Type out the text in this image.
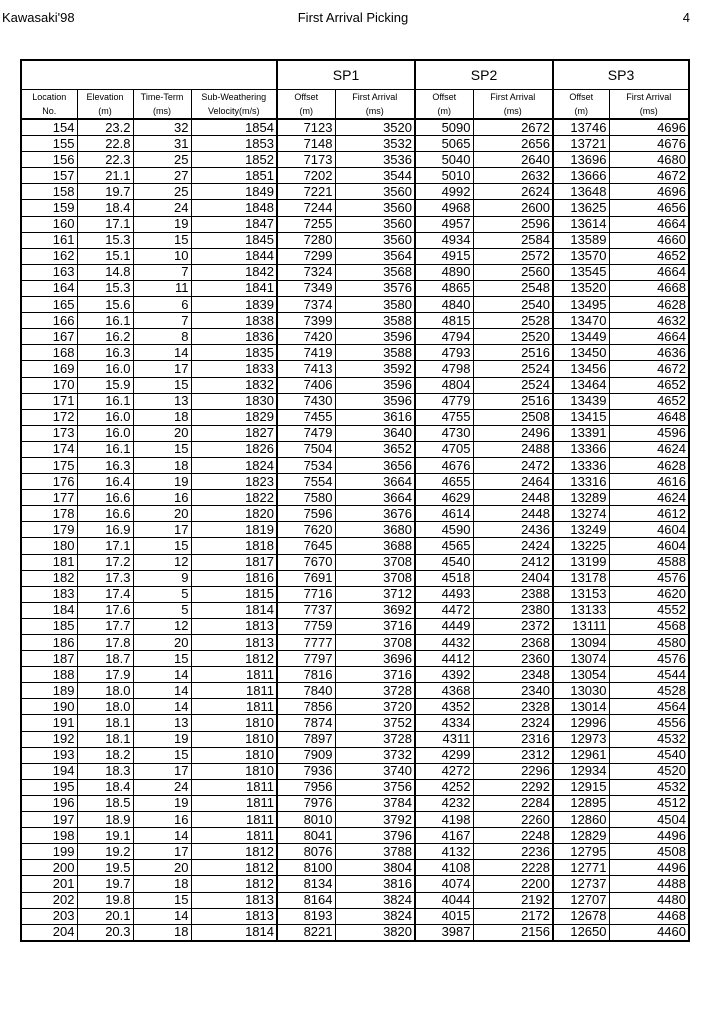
Kawasaki'98	First Arrival Picking	4
				SP1		SP2		SP3	
Location	Elevation	Time-Term	Sub-Weathering	Offset	First Arrival	Offset	First Arrival	Offset	First Arrival
No.	(m)	(ms)	Velocity(m/s)	(m)	(ms)	(m)	(ms)	(m)	(ms)
154	23.2	32	1854	7123	3520	5090	2672	13746	4696
155	22.8	31	1853	7148	3532	5065	2656	13721	4676
156	22.3	25	1852	7173	3536	5040	2640	13696	4680
157	21.1	27	1851	7202	3544	5010	2632	13666	4672
158	19.7	25	1849	7221	3560	4992	2624	13648	4696
159	18.4	24	1848	7244	3560	4968	2600	13625	4656
160	17.1	19	1847	7255	3560	4957	2596	13614	4664
161	15.3	15	1845	7280	3560	4934	2584	13589	4660
162	15.1	10	1844	7299	3564	4915	2572	13570	4652
163	14.8	7	1842	7324	3568	4890	2560	13545	4664
164	15.3	11	1841	7349	3576	4865	2548	13520	4668
165	15.6	6	1839	7374	3580	4840	2540	13495	4628
166	16.1	7	1838	7399	3588	4815	2528	13470	4632
167	16.2	8	1836	7420	3596	4794	2520	13449	4664
168	16.3	14	1835	7419	3588	4793	2516	13450	4636
169	16.0	17	1833	7413	3592	4798	2524	13456	4672
170	15.9	15	1832	7406	3596	4804	2524	13464	4652
171	16.1	13	1830	7430	3596	4779	2516	13439	4652
172	16.0	18	1829	7455	3616	4755	2508	13415	4648
173	16.0	20	1827	7479	3640	4730	2496	13391	4596
174	16.1	15	1826	7504	3652	4705	2488	13366	4624
175	16.3	18	1824	7534	3656	4676	2472	13336	4628
176	16.4	19	1823	7554	3664	4655	2464	13316	4616
177	16.6	16	1822	7580	3664	4629	2448	13289	4624
178	16.6	20	1820	7596	3676	4614	2448	13274	4612
179	16.9	17	1819	7620	3680	4590	2436	13249	4604
180	17.1	15	1818	7645	3688	4565	2424	13225	4604
181	17.2	12	1817	7670	3708	4540	2412	13199	4588
182	17.3	9	1816	7691	3708	4518	2404	13178	4576
183	17.4	5	1815	7716	3712	4493	2388	13153	4620
184	17.6	5	1814	7737	3692	4472	2380	13133	4552
185	17.7	12	1813	7759	3716	4449	2372	13111	4568
186	17.8	20	1813	7777	3708	4432	2368	13094	4580
187	18.7	15	1812	7797	3696	4412	2360	13074	4576
188	17.9	14	1811	7816	3716	4392	2348	13054	4544
189	18.0	14	1811	7840	3728	4368	2340	13030	4528
190	18.0	14	1811	7856	3720	4352	2328	13014	4564
191	18.1	13	1810	7874	3752	4334	2324	12996	4556
192	18.1	19	1810	7897	3728	4311	2316	12973	4532
193	18.2	15	1810	7909	3732	4299	2312	12961	4540
194	18.3	17	1810	7936	3740	4272	2296	12934	4520
195	18.4	24	1811	7956	3756	4252	2292	12915	4532
196	18.5	19	1811	7976	3784	4232	2284	12895	4512
197	18.9	16	1811	8010	3792	4198	2260	12860	4504
198	19.1	14	1811	8041	3796	4167	2248	12829	4496
199	19.2	17	1812	8076	3788	4132	2236	12795	4508
200	19.5	20	1812	8100	3804	4108	2228	12771	4496
201	19.7	18	1812	8134	3816	4074	2200	12737	4488
202	19.8	15	1813	8164	3824	4044	2192	12707	4480
203	20.1	14	1813	8193	3824	4015	2172	12678	4468
204	20.3	18	1814	8221	3820	3987	2156	12650	4460
